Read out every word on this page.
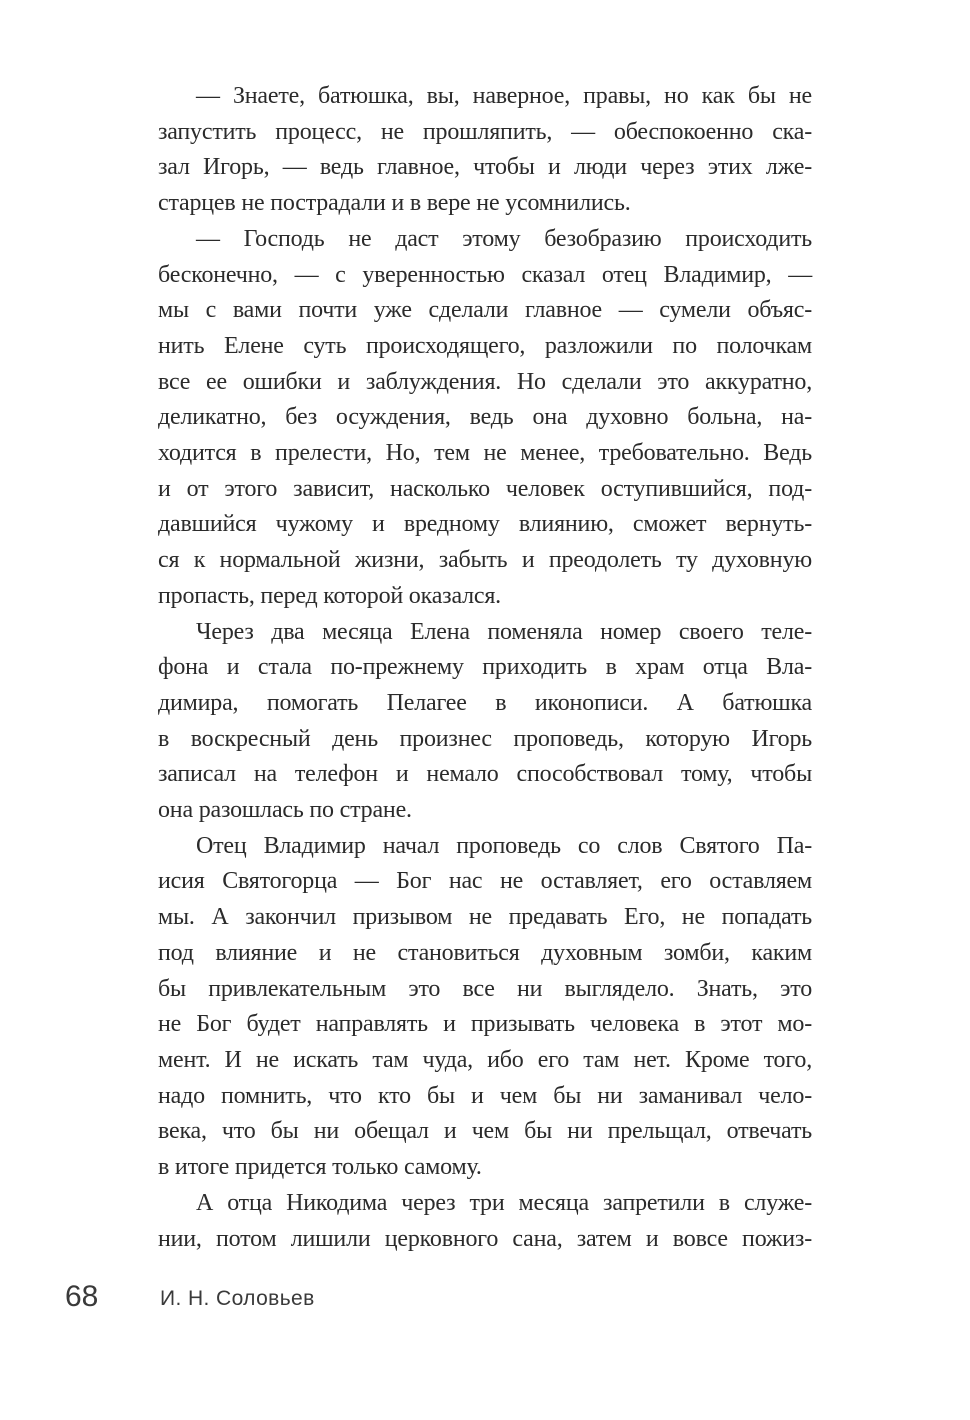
— Знаете, батюшка, вы, наверное, правы, но как бы не
запустить процесс, не прошляпить, — обеспокоенно ска-
зал Игорь, — ведь главное, чтобы и люди через этих лже-
старцев не пострадали и в вере не усомнились.
— Господь не даст этому безобразию происходить
бесконечно, — с уверенностью сказал отец Владимир, —
мы с вами почти уже сделали главное — сумели объяс-
нить Елене суть происходящего, разложили по полочкам
все ее ошибки и заблуждения. Но сделали это аккуратно,
деликатно, без осуждения, ведь она духовно больна, на-
ходится в прелести, Но, тем не менее, требовательно. Ведь
и от этого зависит, насколько человек оступившийся, под-
давшийся чужому и вредному влиянию, сможет вернуть-
ся к нормальной жизни, забыть и преодолеть ту духовную
пропасть, перед которой оказался.
Через два месяца Елена поменяла номер своего теле-
фона и стала по-прежнему приходить в храм отца Вла-
димира, помогать Пелагее в иконописи. А батюшка
в воскресный день произнес проповедь, которую Игорь
записал на телефон и немало способствовал тому, чтобы
она разошлась по стране.
Отец Владимир начал проповедь со слов Святого Па-
исия Святогорца — Бог нас не оставляет, его оставляем
мы. А закончил призывом не предавать Его, не попадать
под влияние и не становиться духовным зомби, каким
бы привлекательным это все ни выглядело. Знать, это
не Бог будет направлять и призывать человека в этот мо-
мент. И не искать там чуда, ибо его там нет. Кроме того,
надо помнить, что кто бы и чем бы ни заманивал чело-
века, что бы ни обещал и чем бы ни прельщал, отвечать
в итоге придется только самому.
А отца Никодима через три месяца запретили в служе-
нии, потом лишили церковного сана, затем и вовсе пожиз-
68	И. Н. Соловьев
